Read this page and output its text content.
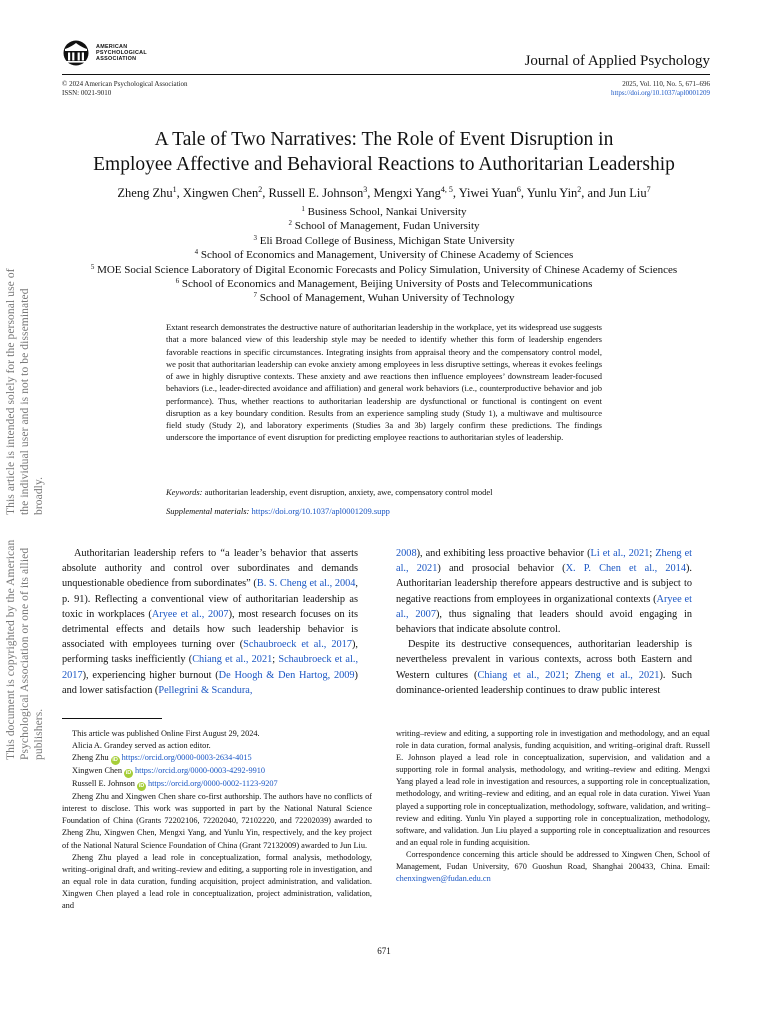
This document is copyrighted by the American Psychological Association or one of its allied publishers.
This article is intended solely for the personal use of the individual user and is not to be disseminated broadly.
AMERICAN
PSYCHOLOGICAL
ASSOCIATION	Journal of Applied Psychology
© 2024 American Psychological Association
ISSN: 0021-9010
2025, Vol. 110, No. 5, 671–696
https://doi.org/10.1037/apl0001209
A Tale of Two Narratives: The Role of Event Disruption in
Employee Affective and Behavioral Reactions to Authoritarian Leadership
Zheng Zhu$^1$, Xingwen Chen$^2$, Russell E. Johnson$^3$, Mengxi Yang$^{4, 5}$, Yiwei Yuan$^6$, Yunlu Yin$^2$, and Jun Liu$^7$
$^1$ Business School, Nankai University
$^2$ School of Management, Fudan University
$^3$ Eli Broad College of Business, Michigan State University
$^4$ School of Economics and Management, University of Chinese Academy of Sciences
$^5$ MOE Social Science Laboratory of Digital Economic Forecasts and Policy Simulation, University of Chinese Academy of Sciences
$^6$ School of Economics and Management, Beijing University of Posts and Telecommunications
$^7$ School of Management, Wuhan University of Technology
Extant research demonstrates the destructive nature of authoritarian leadership in the workplace, yet its widespread use suggests that a more balanced view of this leadership style may be needed to identify whether this form of leadership engenders favorable reactions in specific circumstances. Integrating insights from appraisal theory and the compensatory control model, we posit that authoritarian leadership can evoke anxiety among employees in less disruptive settings, whereas it evokes feelings of awe in highly disruptive contexts. These anxiety and awe reactions then influence employees’ downstream leader-focused behaviors (i.e., leader-directed avoidance and affiliation) and general work behaviors (i.e., counterproductive behavior and job performance). Thus, whether reactions to authoritarian leadership are dysfunctional or functional is contingent on event disruption as a key boundary condition. Results from an experience sampling study (Study 1), a multiwave and multisource field study (Study 2), and laboratory experiments (Studies 3a and 3b) largely confirm these predictions. The findings underscore the importance of event disruption for predicting employee reactions to authoritarian styles of leadership.
Keywords: authoritarian leadership, event disruption, anxiety, awe, compensatory control model
Supplemental materials: https://doi.org/10.1037/apl0001209.supp

Authoritarian leadership refers to “a leader’s behavior that asserts absolute authority and control over subordinates and demands unquestionable obedience from subordinates” (B. S. Cheng et al., 2004, p. 91). Reflecting a conventional view of authoritarian leadership as toxic in workplaces (Aryee et al., 2007), most research focuses on its detrimental effects and details how such leadership behavior is associated with employees turning over (Schaubroeck et al., 2017), performing tasks inefficiently (Chiang et al., 2021; Schaubroeck et al., 2017), experiencing higher burnout (De Hoogh & Den Hartog, 2009) and lower satisfaction (Pellegrini & Scandura,

2008), and exhibiting less proactive behavior (Li et al., 2021; Zheng et al., 2021) and prosocial behavior (X. P. Chen et al., 2014). Authoritarian leadership therefore appears destructive and is subject to negative reactions from employees in organizational contexts (Aryee et al., 2007), thus signaling that leaders should avoid engaging in behaviors that indicate absolute control.

Despite its destructive consequences, authoritarian leadership is nevertheless prevalent in various contexts, across both Eastern and Western cultures (Chiang et al., 2021; Zheng et al., 2021). Such dominance-oriented leadership continues to draw public interest

This article was published Online First August 29, 2024.

Alicia A. Grandey served as action editor.

Zheng Zhu iD https://orcid.org/0000-0003-2634-4015

Xingwen Chen iD https://orcid.org/0000-0003-4292-9910

Russell E. Johnson iD https://orcid.org/0000-0002-1123-9207

Zheng Zhu and Xingwen Chen share co-first authorship. The authors have no conflicts of interest to disclose. This work was supported in part by the National Natural Science Foundation of China (Grants 72202106, 72202040, 72102220, and 72202039) awarded to Zheng Zhu, Xingwen Chen, Mengxi Yang, and Yunlu Yin, respectively, and the key project of the National Natural Science Foundation of China (Grant 72132009) awarded to Jun Liu.

Zheng Zhu played a lead role in conceptualization, formal analysis, methodology, writing–original draft, and writing–review and editing, a supporting role in investigation, and an equal role in data curation, funding acquisition, project administration, and validation. Xingwen Chen played a lead role in conceptualization, project administration, validation, and

writing–review and editing, a supporting role in investigation and methodology, and an equal role in data curation, formal analysis, funding acquisition, and writing–original draft. Russell E. Johnson played a lead role in conceptualization, supervision, and validation and a supporting role in formal analysis, methodology, and writing–review and editing. Mengxi Yang played a lead role in investigation and resources, a supporting role in conceptualization, methodology, and writing–review and editing, and an equal role in data curation. Yiwei Yuan played a supporting role in conceptualization, methodology, software, validation, and writing–review and editing. Yunlu Yin played a supporting role in conceptualization, methodology, software, and validation. Jun Liu played a supporting role in conceptualization and resources and an equal role in funding acquisition.

Correspondence concerning this article should be addressed to Xingwen Chen, School of Management, Fudan University, 670 Guoshun Road, Shanghai 200433, China. Email: chenxingwen@fudan.edu.cn

671
